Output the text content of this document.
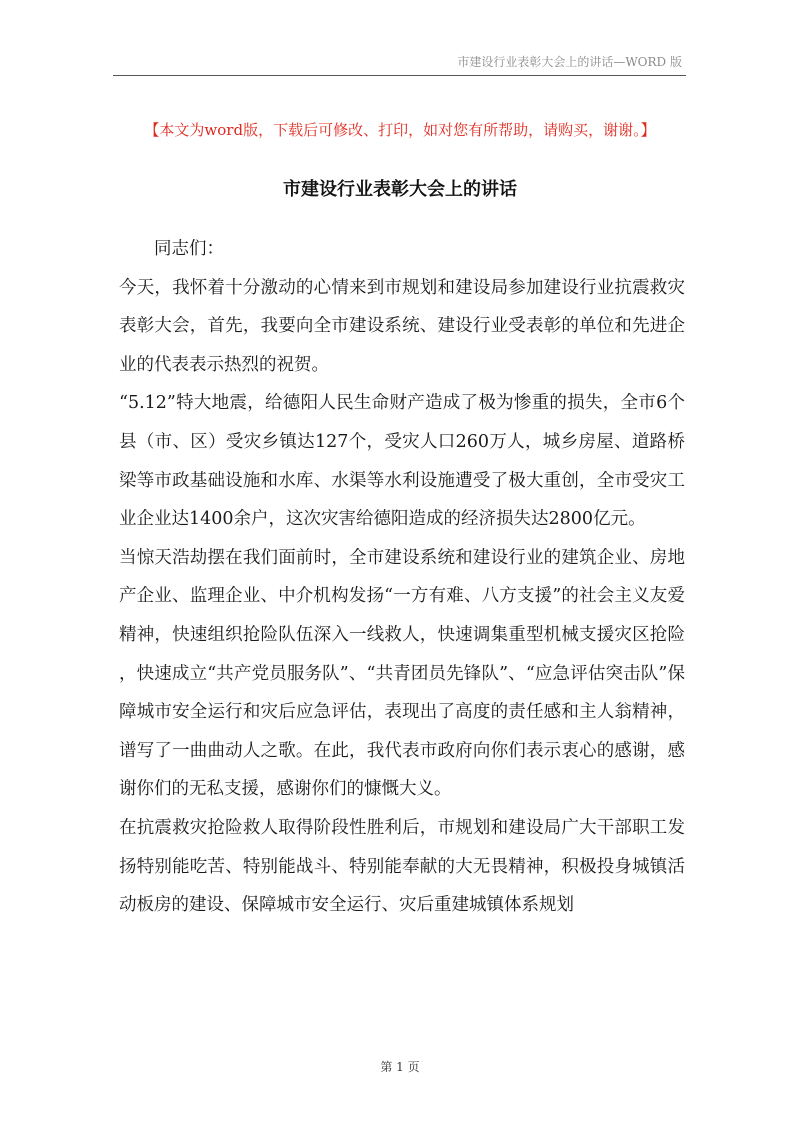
市建设行业表彰大会上的讲话—WORD 版
【本文为word版，下载后可修改、打印，如对您有所帮助，请购买，谢谢。】
市建设行业表彰大会上的讲话

同志们：

今天，我怀着十分激动的心情来到市规划和建设局参加建设行业抗震救灾表彰大会，首先，我要向全市建设系统、建设行业受表彰的单位和先进企业的代表表示热烈的祝贺。

“5.12”特大地震，给德阳人民生命财产造成了极为惨重的损失，全市6个县（市、区）受灾乡镇达127个，受灾人口260万人，城乡房屋、道路桥梁等市政基础设施和水库、水渠等水利设施遭受了极大重创，全市受灾工业企业达1400余户，这次灾害给德阳造成的经济损失达2800亿元。

当惊天浩劫摆在我们面前时，全市建设系统和建设行业的建筑企业、房地产企业、监理企业、中介机构发扬“一方有难、八方支援”的社会主义友爱精神，快速组织抢险队伍深入一线救人，快速调集重型机械支援灾区抢险，快速成立“共产党员服务队”、“共青团员先锋队”、“应急评估突击队”保障城市安全运行和灾后应急评估，表现出了高度的责任感和主人翁精神，谱写了一曲曲动人之歌。在此，我代表市政府向你们表示衷心的感谢，感谢你们的无私支援，感谢你们的慷慨大义。

在抗震救灾抢险救人取得阶段性胜利后，市规划和建设局广大干部职工发扬特别能吃苦、特别能战斗、特别能奉献的大无畏精神，积极投身城镇活动板房的建设、保障城市安全运行、灾后重建城镇体系规划

第 1 页
